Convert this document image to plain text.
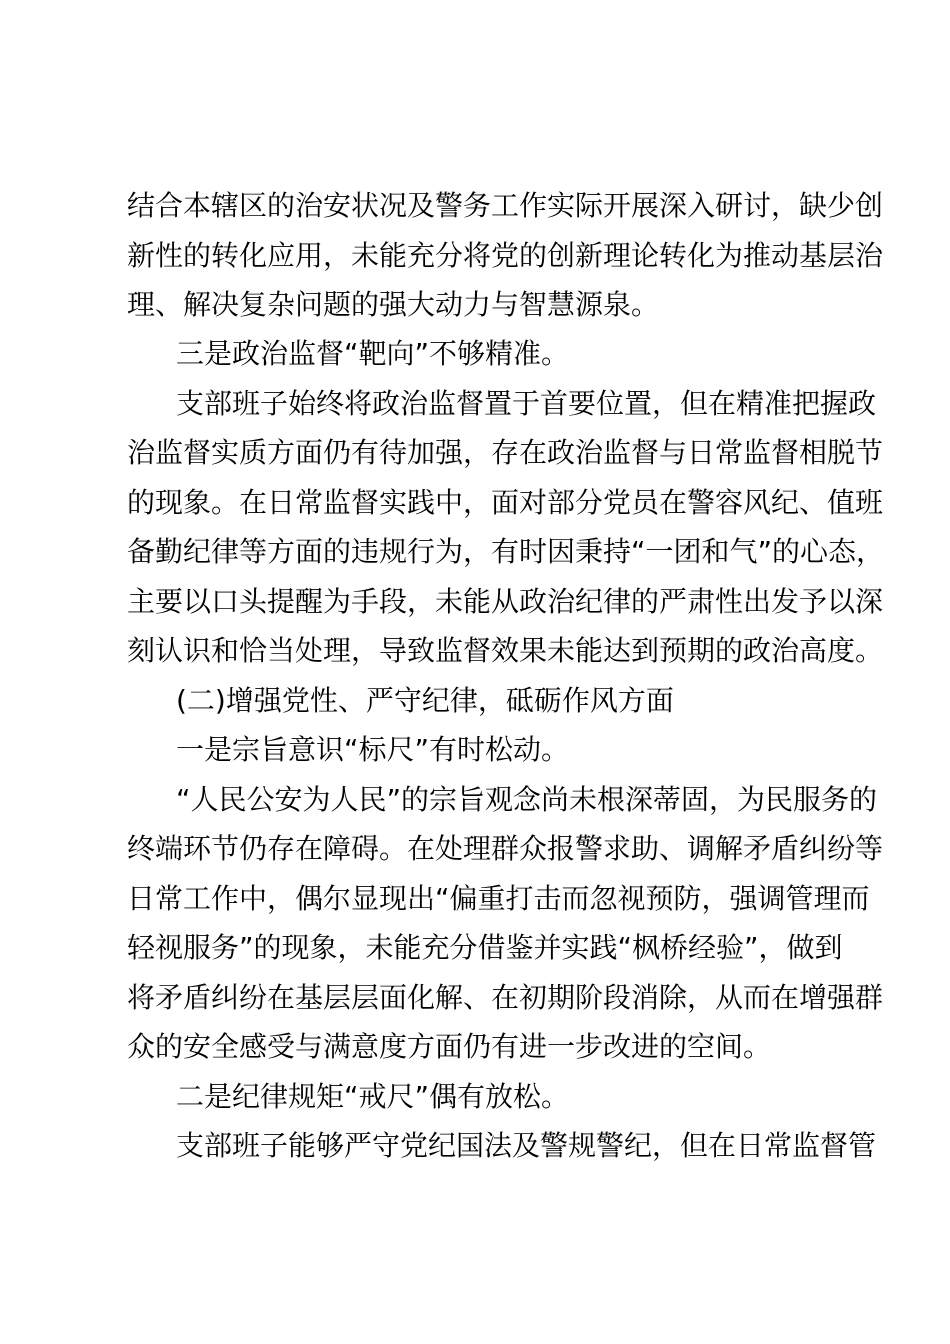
结合本辖区的治安状况及警务工作实际开展深入研讨，缺少创
新性的转化应用，未能充分将党的创新理论转化为推动基层治
理、解决复杂问题的强大动力与智慧源泉。
三是政治监督“靶向”不够精准。
支部班子始终将政治监督置于首要位置，但在精准把握政
治监督实质方面仍有待加强，存在政治监督与日常监督相脱节
的现象。在日常监督实践中，面对部分党员在警容风纪、值班
备勤纪律等方面的违规行为，有时因秉持“一团和气”的心态，
主要以口头提醒为手段，未能从政治纪律的严肃性出发予以深
刻认识和恰当处理，导致监督效果未能达到预期的政治高度。
(二)增强党性、严守纪律，砥砺作风方面
一是宗旨意识“标尺”有时松动。
“人民公安为人民”的宗旨观念尚未根深蒂固，为民服务的
终端环节仍存在障碍。在处理群众报警求助、调解矛盾纠纷等
日常工作中，偶尔显现出“偏重打击而忽视预防，强调管理而
轻视服务”的现象，未能充分借鉴并实践“枫桥经验”，做到
将矛盾纠纷在基层层面化解、在初期阶段消除，从而在增强群
众的安全感受与满意度方面仍有进一步改进的空间。
二是纪律规矩“戒尺”偶有放松。
支部班子能够严守党纪国法及警规警纪，但在日常监督管
